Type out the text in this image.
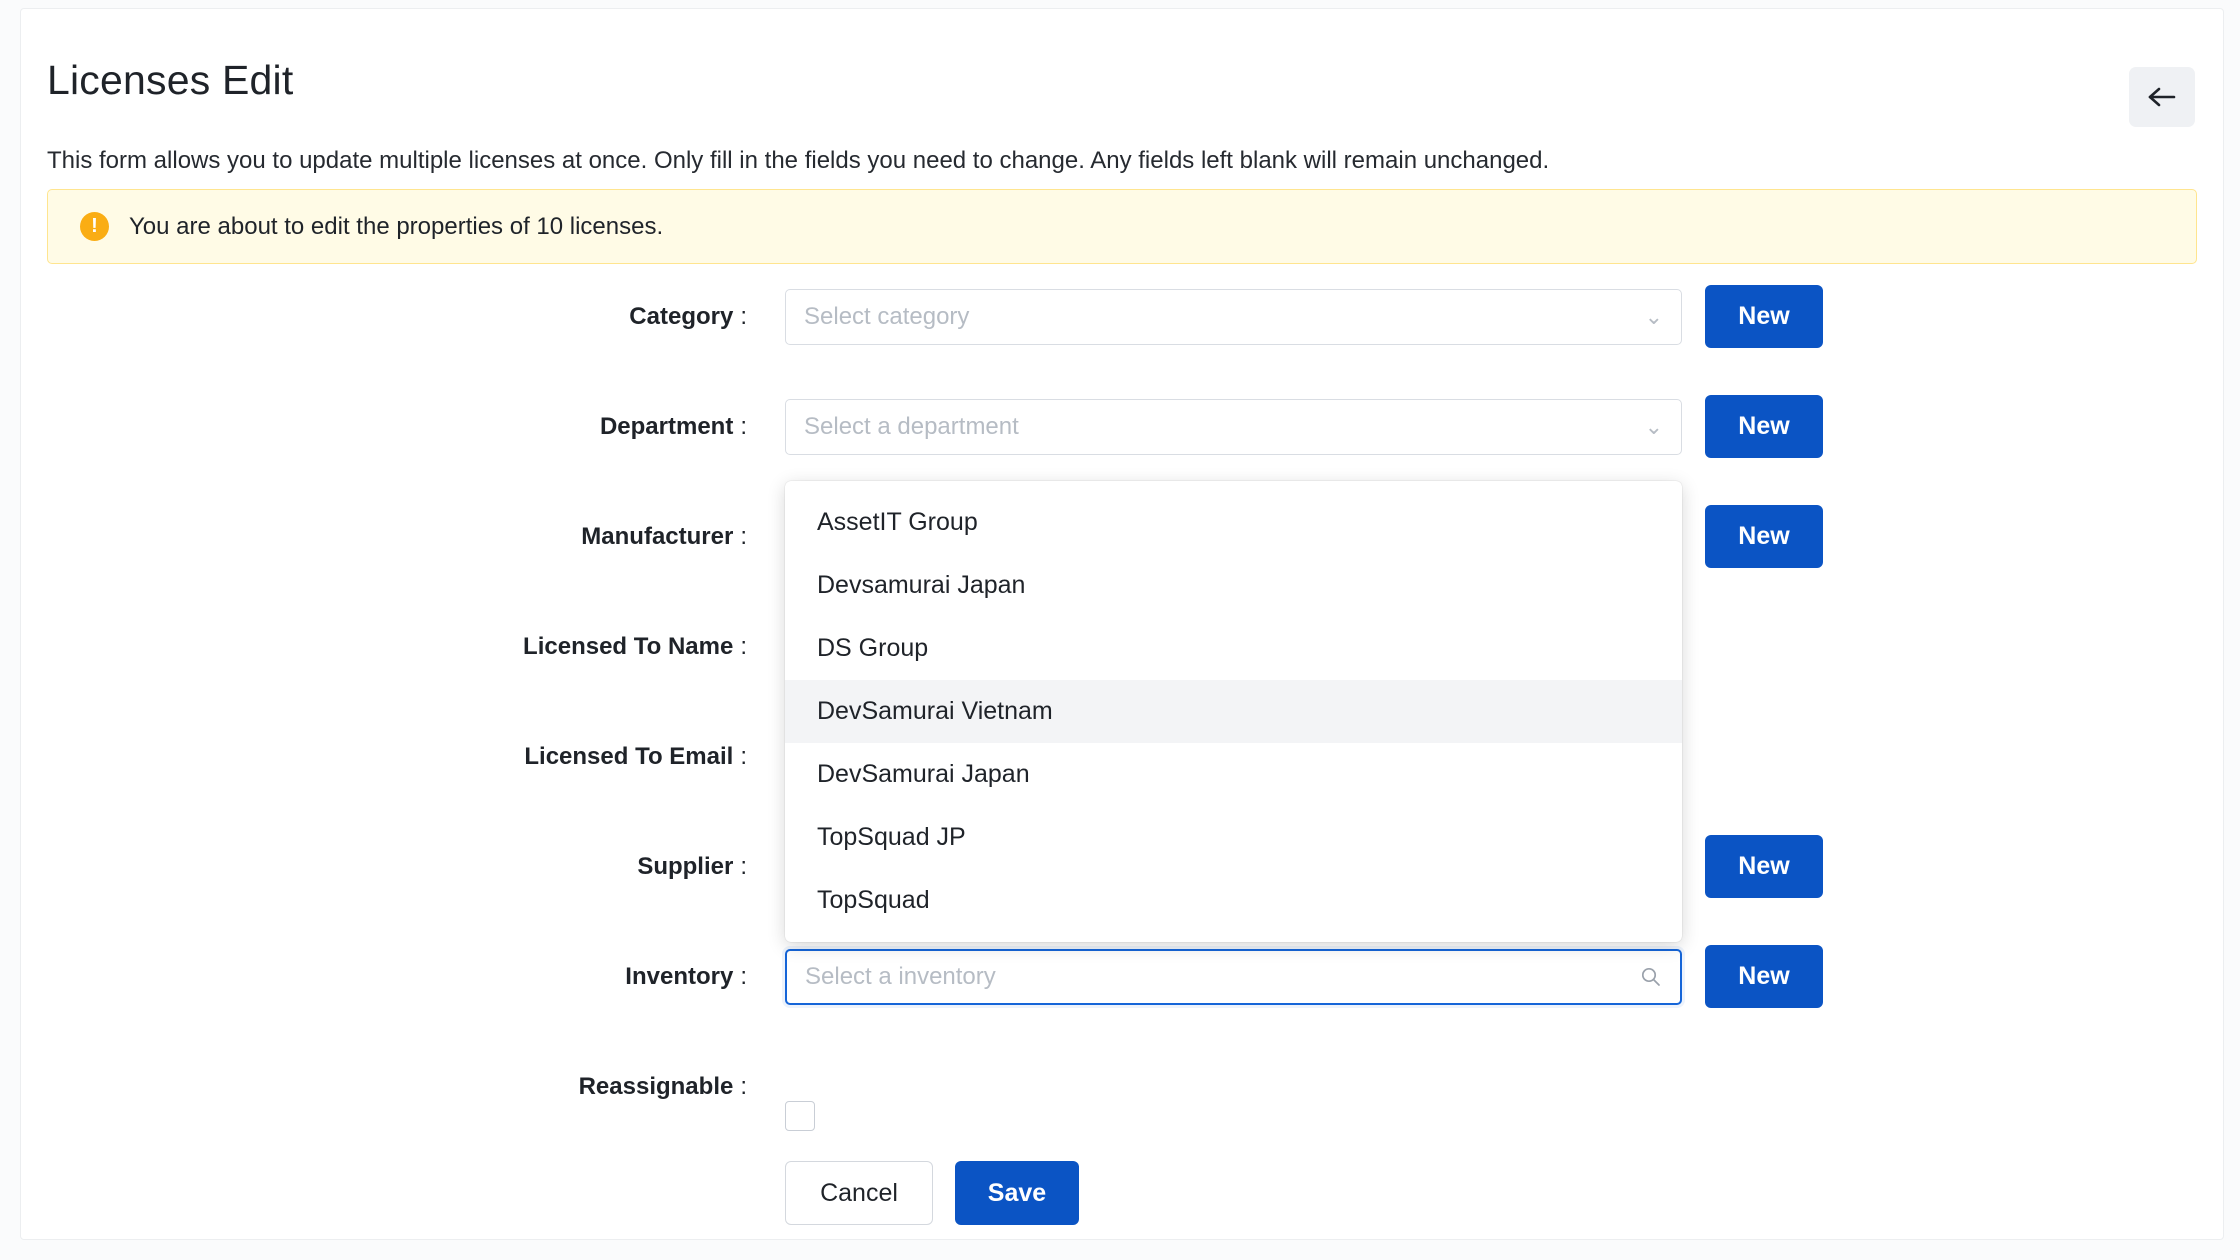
Licenses Edit
This form allows you to update multiple licenses at once. Only fill in the fields you need to change. Any fields left blank will remain unchanged.
!	You are about to edit the properties of 10 licenses.
Category : Select category	⌄	New
Department : Select a department	⌄	New
Manufacturer :	New
Licensed To Name :
Licensed To Email :
Supplier :	New
Inventory : Select a inventory	New
Reassignable :
AssetIT Group
Devsamurai Japan
DS Group
DevSamurai Vietnam
DevSamurai Japan
TopSquad JP
TopSquad
Cancel	Save
